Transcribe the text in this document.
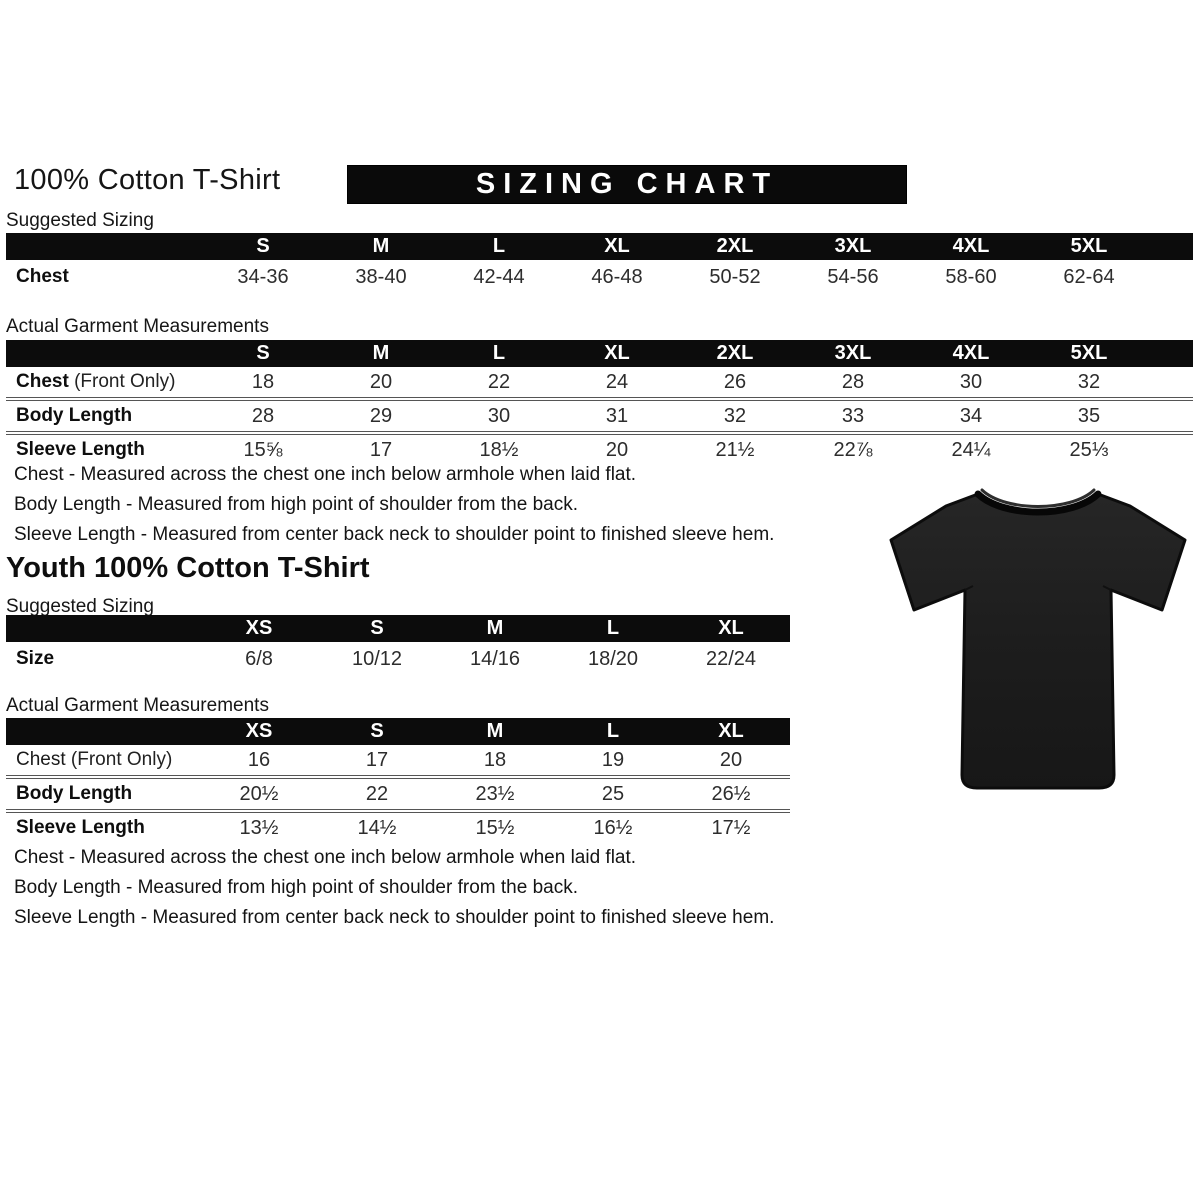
100% Cotton T-Shirt	SIZING CHART
Suggested Sizing
	S	M	L	XL	2XL	3XL	4XL	5XL	
Chest	34-36	38-40	42-44	46-48	50-52	54-56	58-60	62-64	
Actual Garment Measurements
	S	M	L	XL	2XL	3XL	4XL	5XL	
Chest (Front Only)	18	20	22	24	26	28	30	32	
Body Length	28	29	30	31	32	33	34	35	
Sleeve Length	15⅝	17	18½	20	21½	22⅞	24¼	25⅓	
Chest - Measured across the chest one inch below armhole when laid flat.
Body Length - Measured from high point of shoulder from the back.
Sleeve Length - Measured from center back neck to shoulder point to finished sleeve hem.
Youth 100% Cotton T-Shirt
Suggested Sizing
	XS	S	M	L	XL
Size	6/8	10/12	14/16	18/20	22/24
Actual Garment Measurements
	XS	S	M	L	XL
Chest (Front Only)	16	17	18	19	20
Body Length	20½	22	23½	25	26½
Sleeve Length	13½	14½	15½	16½	17½
Chest - Measured across the chest one inch below armhole when laid flat.
Body Length - Measured from high point of shoulder from the back.
Sleeve Length - Measured from center back neck to shoulder point to finished sleeve hem.
